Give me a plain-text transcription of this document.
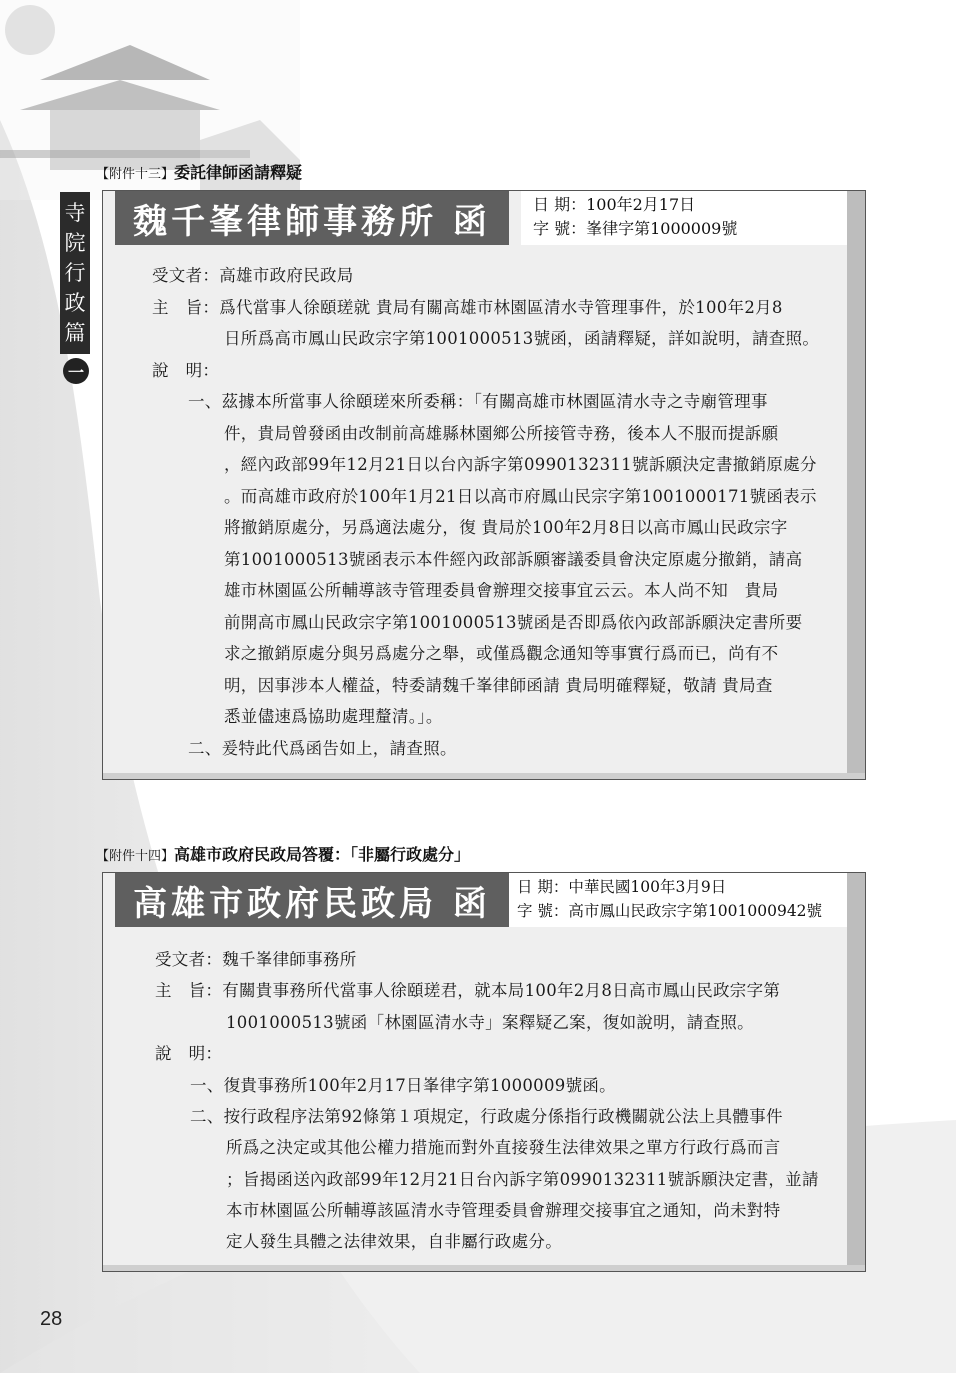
寺
院
行
政
篇
一
【附件十三】委託律師函請釋疑
魏千峯律師事務所 函	日 期：100年2月17日
字 號：峯律字第1000009號
受文者：高雄市政府民政局
主　旨：爲代當事人徐頤瑳就 貴局有關高雄市林園區清水寺管理事件，於100年2月8
日所爲高市鳳山民政宗字第1001000513號函，函請釋疑，詳如說明，請查照。
說　明：
一、茲據本所當事人徐頤瑳來所委稱：「有關高雄市林園區清水寺之寺廟管理事
件，貴局曾發函由改制前高雄縣林園鄉公所接管寺務，後本人不服而提訴願
，經內政部99年12月21日以台內訴字第0990132311號訴願決定書撤銷原處分
。而高雄市政府於100年1月21日以高市府鳳山民宗字第1001000171號函表示
將撤銷原處分，另爲適法處分，復 貴局於100年2月8日以高市鳳山民政宗字
第1001000513號函表示本件經內政部訴願審議委員會決定原處分撤銷，請高
雄市林園區公所輔導該寺管理委員會辦理交接事宜云云。本人尚不知　貴局
前開高市鳳山民政宗字第1001000513號函是否即爲依內政部訴願決定書所要
求之撤銷原處分與另爲處分之舉，或僅爲觀念通知等事實行爲而已，尚有不
明，因事涉本人權益，特委請魏千峯律師函請 貴局明確釋疑，敬請 貴局查
悉並儘速爲協助處理釐清。」。
二、爰特此代爲函告如上，請查照。
【附件十四】高雄市政府民政局答覆：「非屬行政處分」
高雄市政府民政局 函	日 期：中華民國100年3月9日
字 號：高市鳳山民政宗字第1001000942號
受文者：魏千峯律師事務所
主　旨：有關貴事務所代當事人徐頤瑳君，就本局100年2月8日高市鳳山民政宗字第
1001000513號函「林園區清水寺」案釋疑乙案，復如說明，請查照。
說　明：
一、復貴事務所100年2月17日峯律字第1000009號函。
二、按行政程序法第92條第１項規定，行政處分係指行政機關就公法上具體事件
所爲之決定或其他公權力措施而對外直接發生法律效果之單方行政行爲而言
；旨揭函送內政部99年12月21日台內訴字第0990132311號訴願決定書，並請
本市林園區公所輔導該區清水寺管理委員會辦理交接事宜之通知，尚未對特
定人發生具體之法律效果，自非屬行政處分。
28
